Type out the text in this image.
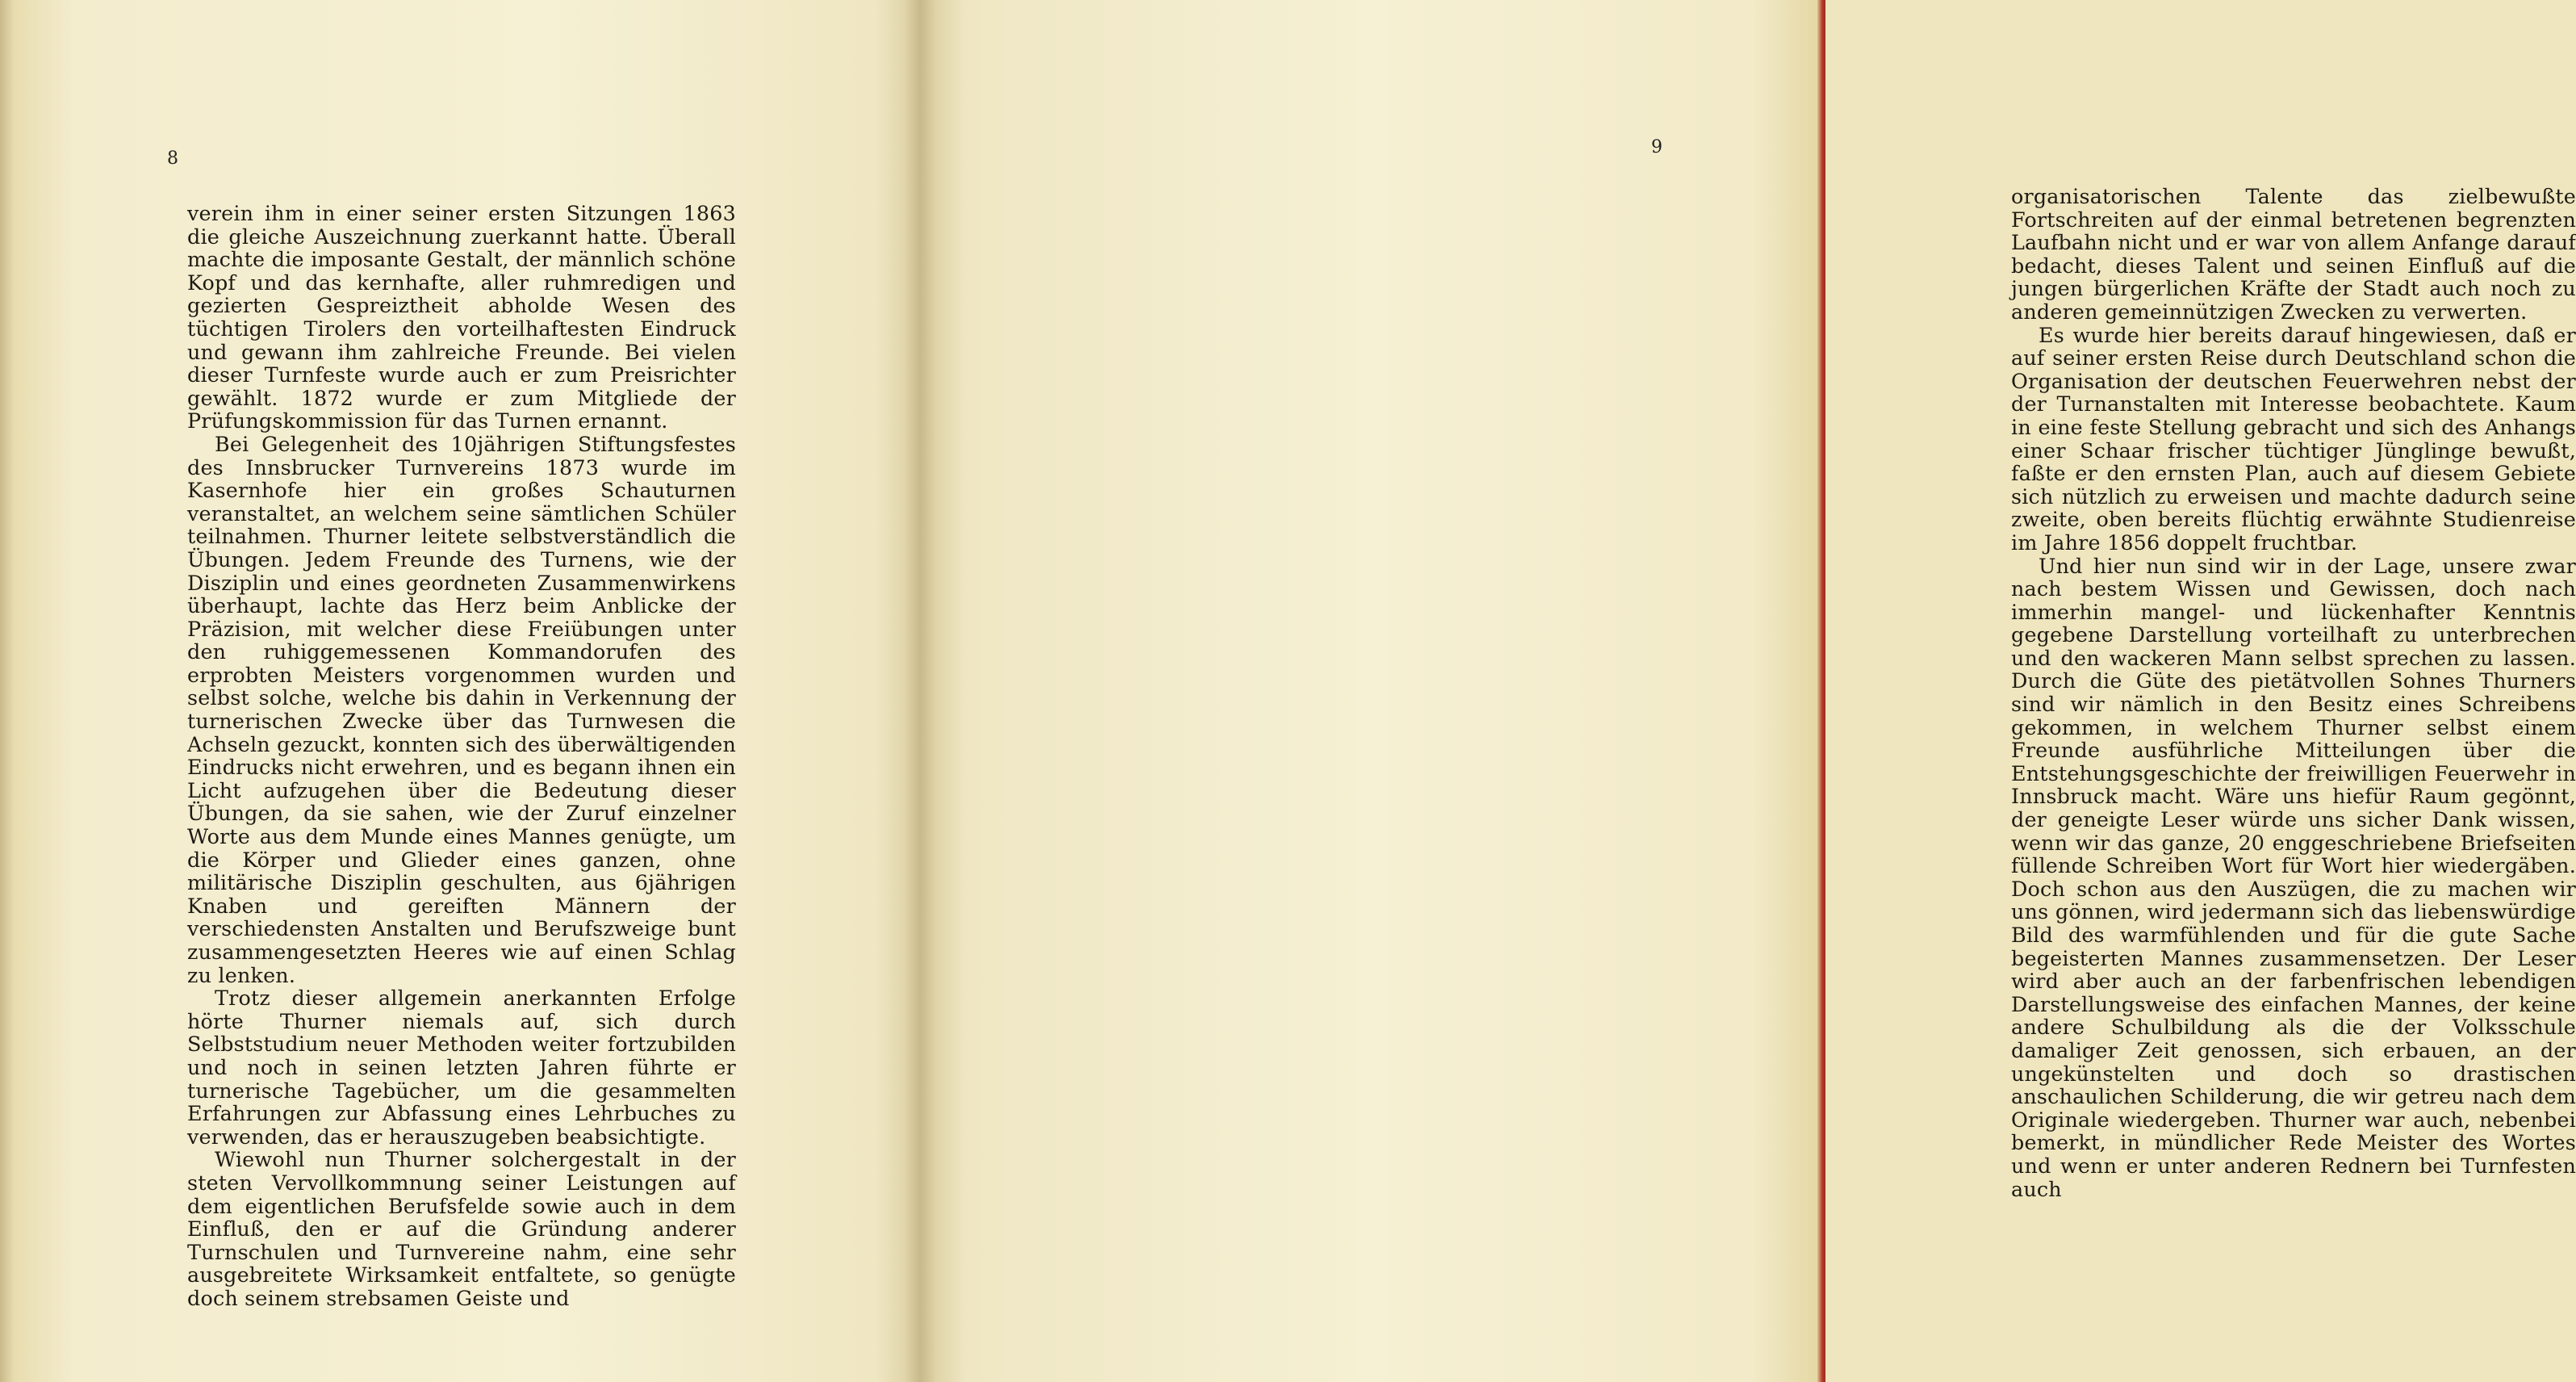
8

verein ihm in einer seiner ersten Sitzungen 1863 die gleiche Auszeichnung zuerkannt hatte. Überall machte die imposante Gestalt, der männlich schöne Kopf und das kernhafte, aller ruhmredigen und gezierten Gespreiztheit abholde Wesen des tüchtigen Tirolers den vorteilhaftesten Eindruck und gewann ihm zahlreiche Freunde. Bei vielen dieser Turnfeste wurde auch er zum Preisrichter gewählt. 1872 wurde er zum Mitgliede der Prüfungskommission für das Turnen ernannt.

Bei Gelegenheit des 10jährigen Stiftungsfestes des Innsbrucker Turnvereins 1873 wurde im Kasernhofe hier ein großes Schauturnen veranstaltet, an welchem seine sämtlichen Schüler teilnahmen. Thurner leitete selbstverständlich die Übungen. Jedem Freunde des Turnens, wie der Disziplin und eines geordneten Zusammenwirkens überhaupt, lachte das Herz beim Anblicke der Präzision, mit welcher diese Freiübungen unter den ruhiggemessenen Kommandorufen des erprobten Meisters vorgenommen wurden und selbst solche, welche bis dahin in Verkennung der turnerischen Zwecke über das Turnwesen die Achseln gezuckt, konnten sich des überwältigenden Eindrucks nicht erwehren, und es begann ihnen ein Licht aufzugehen über die Bedeutung dieser Übungen, da sie sahen, wie der Zuruf einzelner Worte aus dem Munde eines Mannes genügte, um die Körper und Glieder eines ganzen, ohne militärische Disziplin geschulten, aus 6jährigen Knaben und gereiften Männern der verschiedensten Anstalten und Berufszweige bunt zusammengesetzten Heeres wie auf einen Schlag zu lenken.

Trotz dieser allgemein anerkannten Erfolge hörte Thurner niemals auf, sich durch Selbststudium neuer Methoden weiter fortzubilden und noch in seinen letzten Jahren führte er turnerische Tagebücher, um die gesammelten Erfahrungen zur Abfassung eines Lehrbuches zu verwenden, das er herauszugeben beabsichtigte.

Wiewohl nun Thurner solchergestalt in der steten Vervollkommnung seiner Leistungen auf dem eigentlichen Berufsfelde sowie auch in dem Einfluß, den er auf die Gründung anderer Turnschulen und Turnvereine nahm, eine sehr ausgebreitete Wirksamkeit entfaltete, so genügte doch seinem strebsamen Geiste und

organisatorischen Talente das zielbewußte Fortschreiten auf der einmal betretenen begrenzten Laufbahn nicht und er war von allem Anfange darauf bedacht, dieses Talent und seinen Einfluß auf die jungen bürgerlichen Kräfte der Stadt auch noch zu anderen gemeinnützigen Zwecken zu verwerten.

Es wurde hier bereits darauf hingewiesen, daß er auf seiner ersten Reise durch Deutschland schon die Organisation der deutschen Feuerwehren nebst der der Turnanstalten mit Interesse beobachtete. Kaum in eine feste Stellung gebracht und sich des Anhangs einer Schaar frischer tüchtiger Jünglinge bewußt, faßte er den ernsten Plan, auch auf diesem Gebiete sich nützlich zu erweisen und machte dadurch seine zweite, oben bereits flüchtig erwähnte Studienreise im Jahre 1856 doppelt fruchtbar.

Und hier nun sind wir in der Lage, unsere zwar nach bestem Wissen und Gewissen, doch nach immerhin mangel- und lückenhafter Kenntnis gegebene Darstellung vorteilhaft zu unterbrechen und den wackeren Mann selbst sprechen zu lassen. Durch die Güte des pietätvollen Sohnes Thurners sind wir nämlich in den Besitz eines Schreibens gekommen, in welchem Thurner selbst einem Freunde ausführliche Mitteilungen über die Entstehungsgeschichte der freiwilligen Feuerwehr in Innsbruck macht. Wäre uns hiefür Raum gegönnt, der geneigte Leser würde uns sicher Dank wissen, wenn wir das ganze, 20 enggeschriebene Briefseiten füllende Schreiben Wort für Wort hier wiedergäben. Doch schon aus den Auszügen, die zu machen wir uns gönnen, wird jedermann sich das liebenswürdige Bild des warmfühlenden und für die gute Sache begeisterten Mannes zusammensetzen. Der Leser wird aber auch an der farbenfrischen lebendigen Darstellungsweise des einfachen Mannes, der keine andere Schulbildung als die der Volksschule damaliger Zeit genossen, sich erbauen, an der ungekünstelten und doch so drastischen anschaulichen Schilderung, die wir getreu nach dem Originale wiedergeben. Thurner war auch, nebenbei bemerkt, in mündlicher Rede Meister des Wortes und wenn er unter anderen Rednern bei Turnfesten auch

9
